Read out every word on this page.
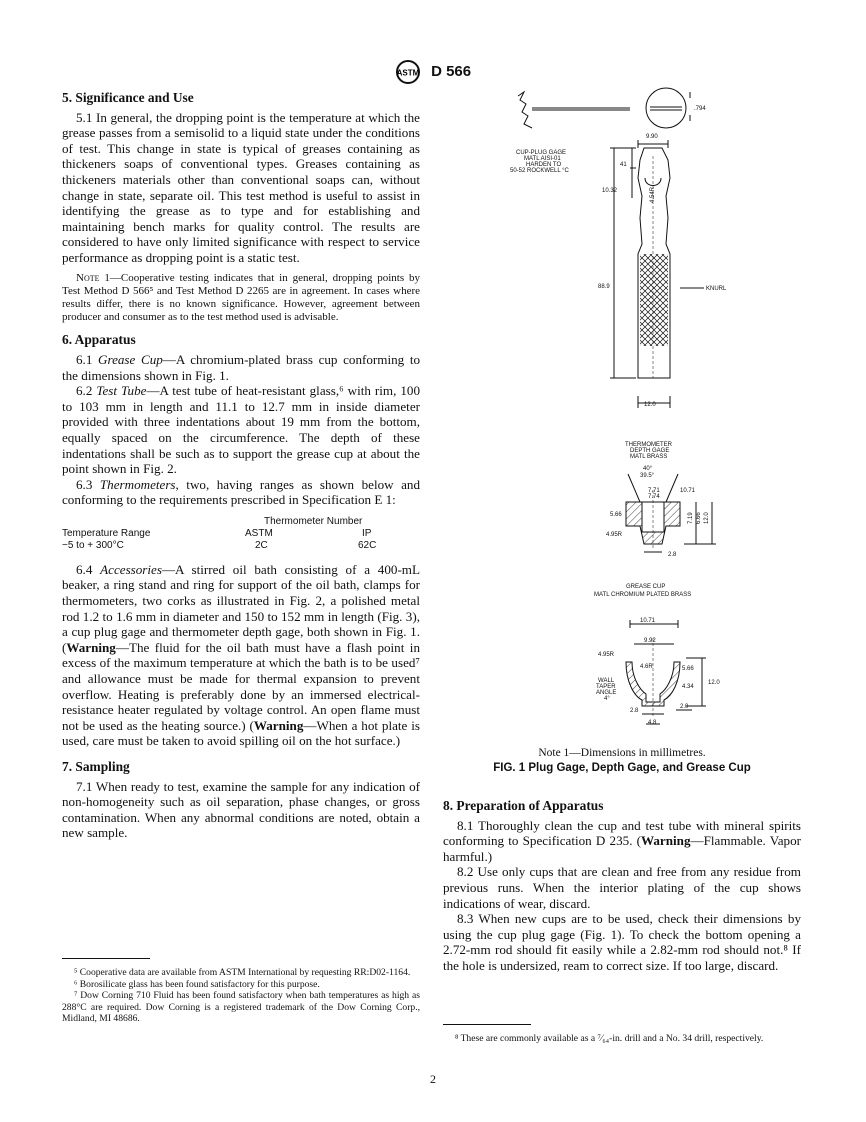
ASTM D 566
5. Significance and Use

5.1 In general, the dropping point is the temperature at which the grease passes from a semisolid to a liquid state under the conditions of test. This change in state is typical of greases containing as thickeners soaps of conventional types. Greases containing as thickeners materials other than conventional soaps can, without change in state, separate oil. This test method is useful to assist in identifying the grease as to type and for establishing and maintaining bench marks for quality control. The results are considered to have only limited significance with respect to service performance as dropping point is a static test.

Note 1—Cooperative testing indicates that in general, dropping points by Test Method D 566⁵ and Test Method D 2265 are in agreement. In cases where results differ, there is no known significance. However, agreement between producer and consumer as to the test method used is advisable.
6. Apparatus

6.1 Grease Cup—A chromium-plated brass cup conforming to the dimensions shown in Fig. 1.

6.2 Test Tube—A test tube of heat-resistant glass,⁶ with rim, 100 to 103 mm in length and 11.1 to 12.7 mm in inside diameter provided with three indentations about 19 mm from the bottom, equally spaced on the circumference. The depth of these indentations shall be such as to support the grease cup at about the point shown in Fig. 2.

6.3 Thermometers, two, having ranges as shown below and conforming to the requirements prescribed in Specification E 1:

Thermometer Number
Temperature Range	ASTM	IP
−5 to + 300°C	2C	62C

6.4 Accessories—A stirred oil bath consisting of a 400-mL beaker, a ring stand and ring for support of the oil bath, clamps for thermometers, two corks as illustrated in Fig. 2, a polished metal rod 1.2 to 1.6 mm in diameter and 150 to 152 mm in length (Fig. 3), a cup plug gage and thermometer depth gage, both shown in Fig. 1. (Warning—The fluid for the oil bath must have a flash point in excess of the maximum temperature at which the bath is to be used⁷ and allowance must be made for thermal expansion to prevent overflow. Heating is preferably done by an immersed electrical-resistance heater regulated by voltage control. An open flame must not be used as the heating source.) (Warning—When a hot plate is used, care must be taken to avoid spilling oil on the hot surface.)

7. Sampling

7.1 When ready to test, examine the sample for any indication of non-homogeneity such as oil separation, phase changes, or gross contamination. When any abnormal conditions are noted, obtain a new sample.

⁵ Cooperative data are available from ASTM International by requesting RR:D02-1164.

⁶ Borosilicate glass has been found satisfactory for this purpose.

⁷ Dow Corning 710 Fluid has been found satisfactory when bath temperatures as high as 288°C are required. Dow Corning is a registered trademark of the Dow Corning Corp., Midland, MI 48686.

.794
9.90
41
10.32	4.54R
88.9
12.0
KNURL
CUP-PLUG GAGE
MATL AISI-01
HARDEN TO
50-52 ROCKWELL °C
THERMOMETER
DEPTH GAGE
MATL BRASS
40°
39.5°
7.71
7.74
10.71
5.66
4.95R
7.19 6.66 12.0
2.8
GREASE CUP
MATL CHROMIUM PLATED BRASS
10.71
9.92
4.95R
4.6R	5.66
12.0
4.34
WALL
TAPER
ANGLE
4°
2.8
2.0
4.8
Note 1—Dimensions in millimetres.
FIG. 1 Plug Gage, Depth Gage, and Grease Cup
8. Preparation of Apparatus

8.1 Thoroughly clean the cup and test tube with mineral spirits conforming to Specification D 235. (Warning—Flammable. Vapor harmful.)

8.2 Use only cups that are clean and free from any residue from previous runs. When the interior plating of the cup shows indications of wear, discard.

8.3 When new cups are to be used, check their dimensions by using the cup plug gage (Fig. 1). To check the bottom opening a 2.72-mm rod should fit easily while a 2.82-mm rod should not.⁸ If the hole is undersized, ream to correct size. If too large, discard.

⁸ These are commonly available as a ⁷⁄₆₄-in. drill and a No. 34 drill, respectively.

2
